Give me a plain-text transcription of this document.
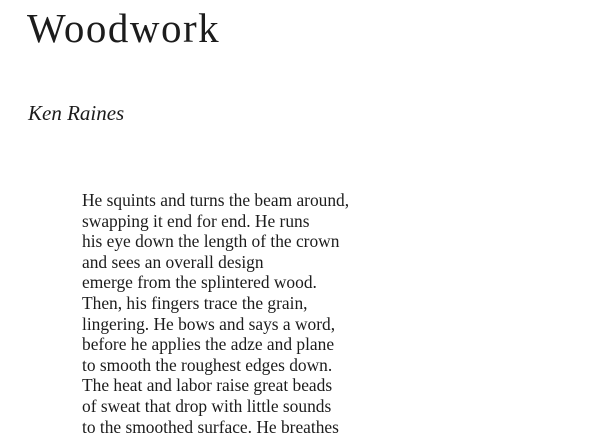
Woodwork

Ken Raines

He squints and turns the beam around,
swapping it end for end. He runs
his eye down the length of the crown
and sees an overall design
emerge from the splintered wood.
Then, his fingers trace the grain,
lingering. He bows and says a word,
before he applies the adze and plane
to smooth the roughest edges down.
The heat and labor raise great beads
of sweat that drop with little sounds
to the smoothed surface. He breathes
